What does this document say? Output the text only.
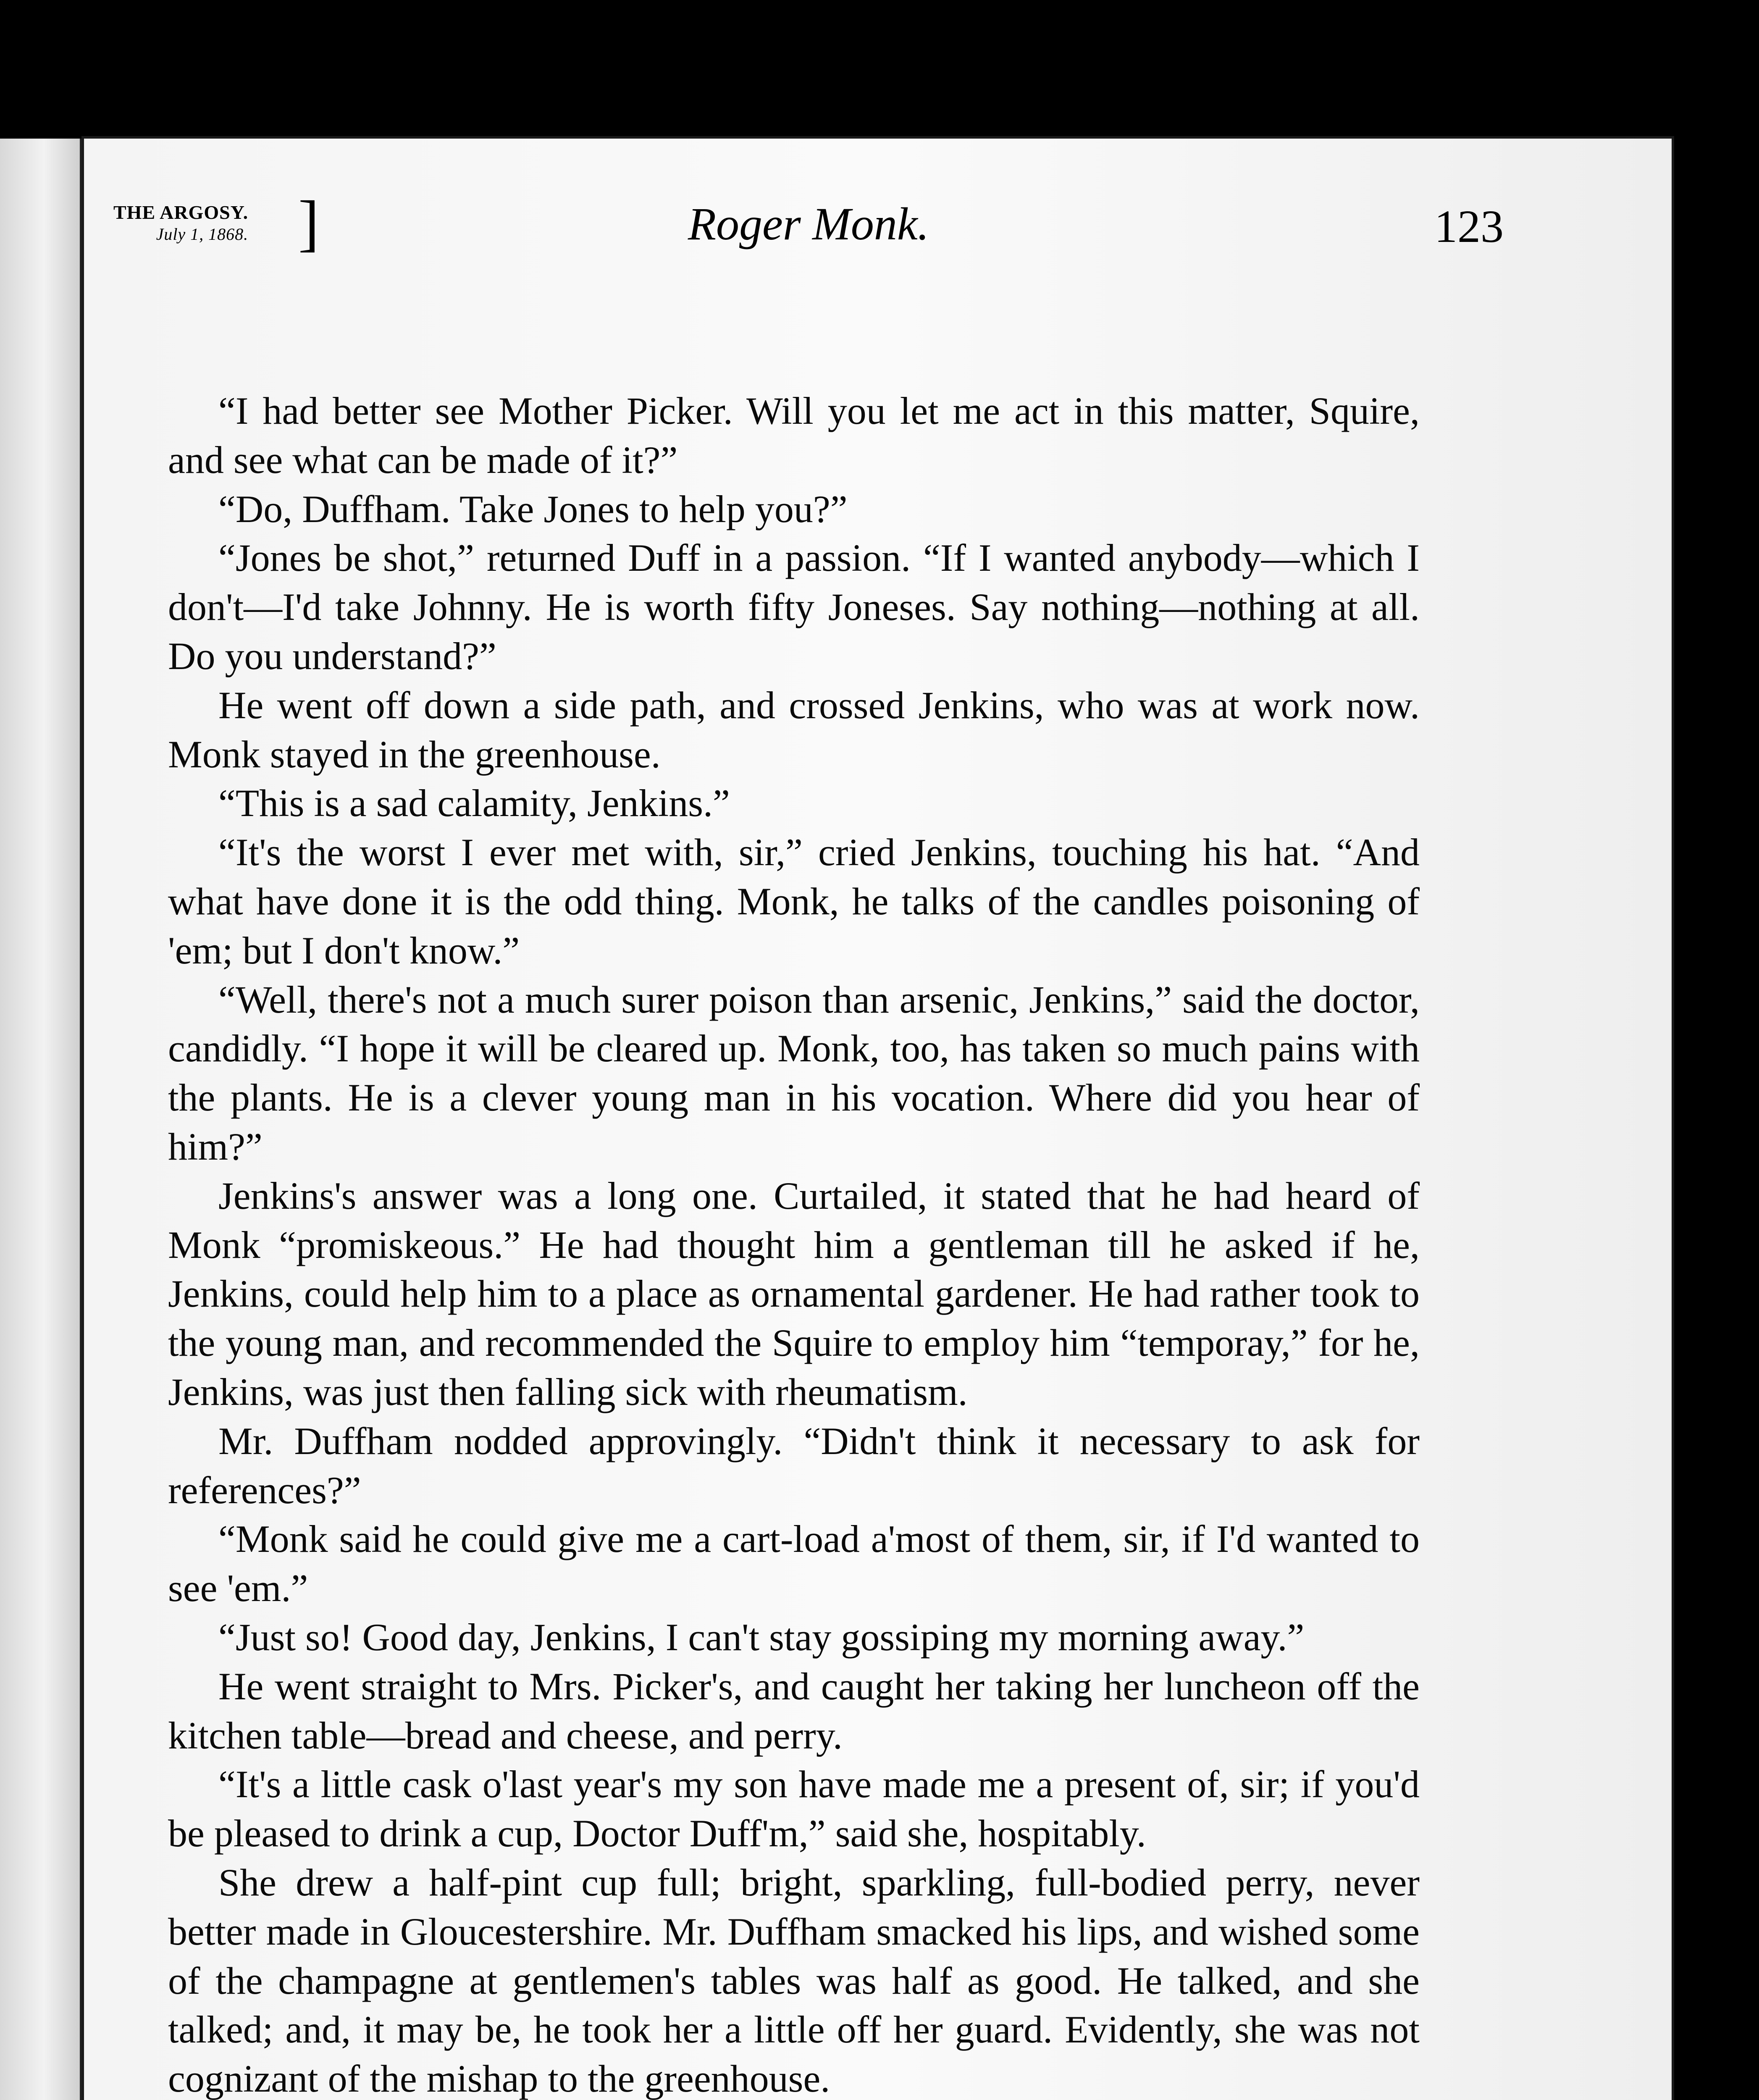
THE ARGOSY.
July 1, 1868. ]	Roger Monk.	123

“I had better see Mother Picker. Will you let me act in this matter, Squire, and see what can be made of it?”

“Do, Duffham. Take Jones to help you?”

“Jones be shot,” returned Duff in a passion. “If I wanted anybody—which I don't—I'd take Johnny. He is worth fifty Joneses. Say nothing—nothing at all. Do you understand?”

He went off down a side path, and crossed Jenkins, who was at work now. Monk stayed in the greenhouse.

“This is a sad calamity, Jenkins.”

“It's the worst I ever met with, sir,” cried Jenkins, touching his hat. “And what have done it is the odd thing. Monk, he talks of the candles poisoning of 'em; but I don't know.”

“Well, there's not a much surer poison than arsenic, Jenkins,” said the doctor, candidly. “I hope it will be cleared up. Monk, too, has taken so much pains with the plants. He is a clever young man in his vocation. Where did you hear of him?”

Jenkins's answer was a long one. Curtailed, it stated that he had heard of Monk “promiskeous.” He had thought him a gentleman till he asked if he, Jenkins, could help him to a place as ornamental gardener. He had rather took to the young man, and recommended the Squire to employ him “temporay,” for he, Jenkins, was just then falling sick with rheumatism.

Mr. Duffham nodded approvingly. “Didn't think it necessary to ask for references?”

“Monk said he could give me a cart-load a'most of them, sir, if I'd wanted to see 'em.”

“Just so! Good day, Jenkins, I can't stay gossiping my morning away.”

He went straight to Mrs. Picker's, and caught her taking her luncheon off the kitchen table—bread and cheese, and perry.

“It's a little cask o'last year's my son have made me a present of, sir; if you'd be pleased to drink a cup, Doctor Duff'm,” said she, hospitably.

She drew a half-pint cup full; bright, sparkling, full-bodied perry, never better made in Gloucestershire. Mr. Duffham smacked his lips, and wished some of the champagne at gentlemen's tables was half as good. He talked, and she talked; and, it may be, he took her a little off her guard. Evidently, she was not cognizant of the mishap to the greenhouse.
